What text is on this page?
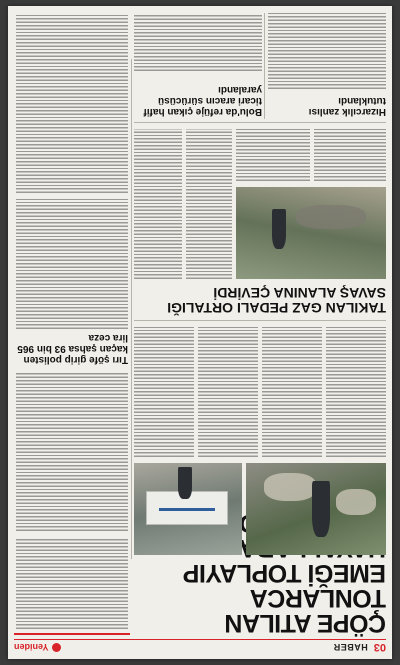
03
HABER
Yeniden
ÇÖPE ATILAN TONLARCA
EMEĞİ TOPLAYIP
Tırı şöfe girip polisten kaçan şahsa 93 bin 965 lira ceza
TAKILAN GAZ PEDALI ORTALIĞI
SAVAŞ ALANINA ÇEVİRDİ
Bolu'da refüje çıkan hafif ticari aracın sürücüsü yaralandı
Hızarcılık zanlısı tutuklandı
